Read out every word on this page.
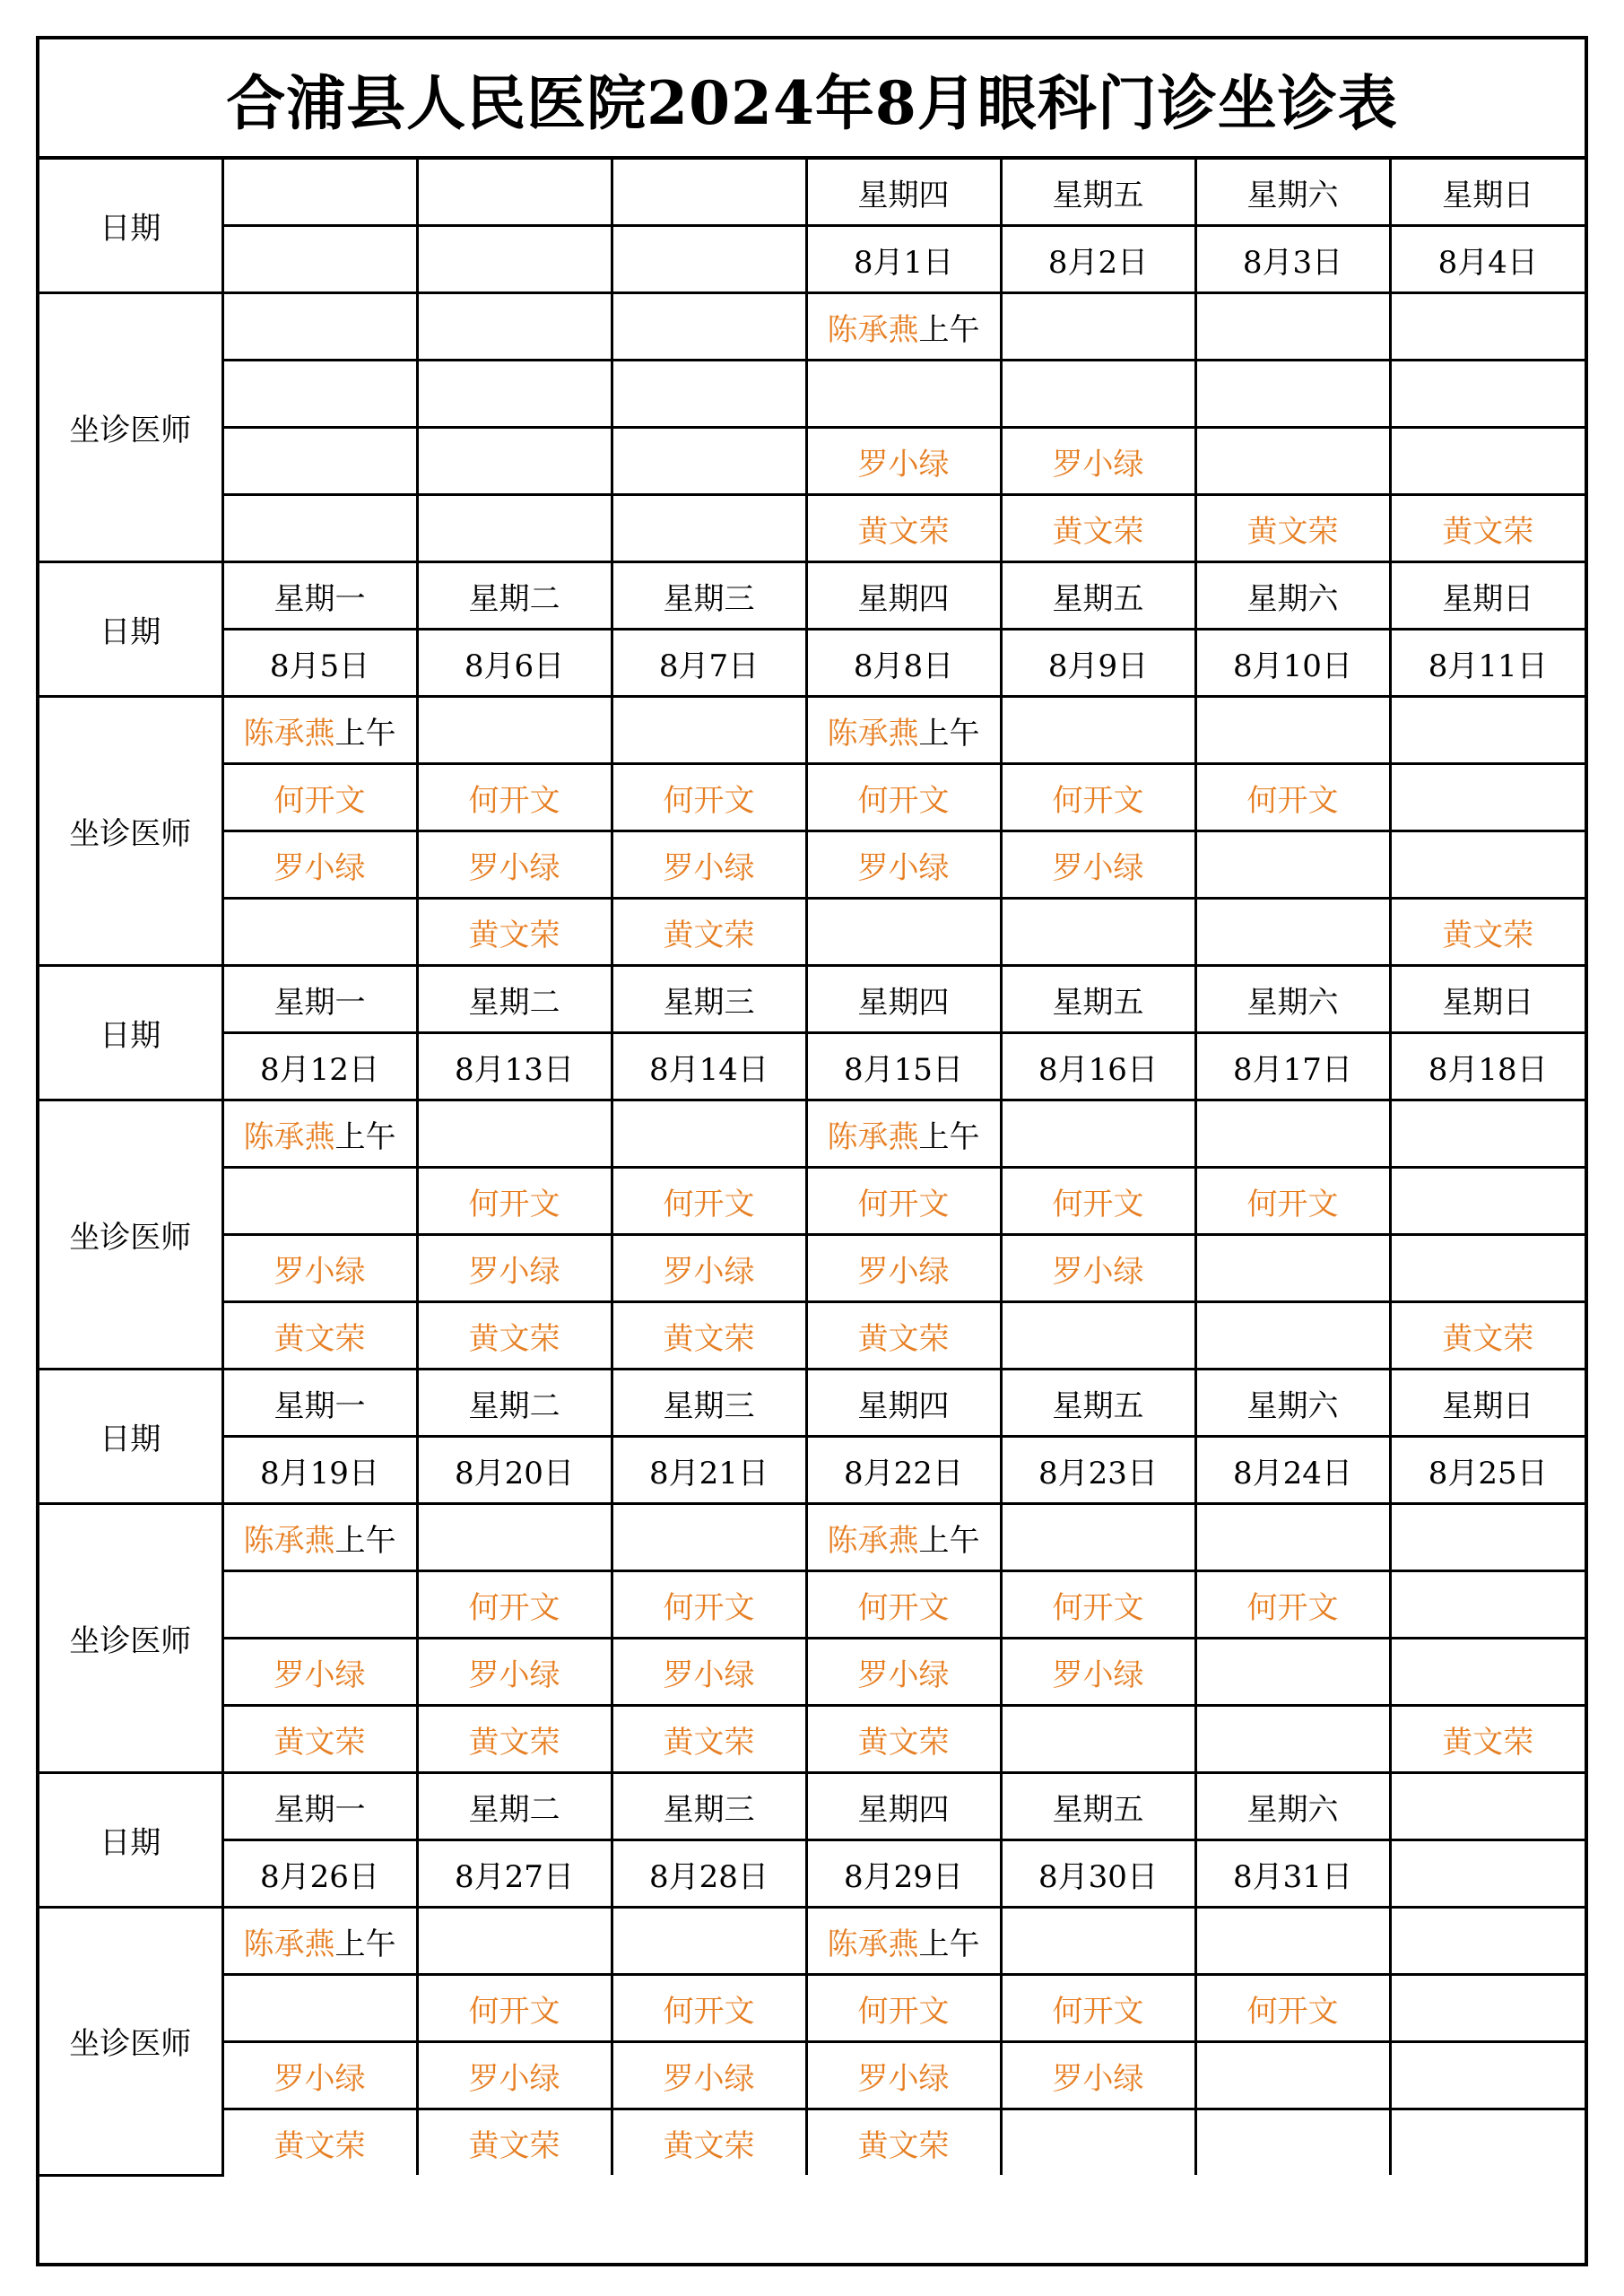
合浦县人民医院2024年8月眼科门诊坐诊表
日期				星期四	星期五	星期六	星期日
				8月1日	8月2日	8月3日	8月4日
坐诊医师				陈承燕上午			

				罗小绿	罗小绿		
				黄文荣	黄文荣	黄文荣	黄文荣
日期	星期一	星期二	星期三	星期四	星期五	星期六	星期日
	8月5日	8月6日	8月7日	8月8日	8月9日	8月10日	8月11日
坐诊医师	陈承燕上午			陈承燕上午			
	何开文	何开文	何开文	何开文	何开文	何开文	
	罗小绿	罗小绿	罗小绿	罗小绿	罗小绿		
		黄文荣	黄文荣				黄文荣
日期	星期一	星期二	星期三	星期四	星期五	星期六	星期日
	8月12日	8月13日	8月14日	8月15日	8月16日	8月17日	8月18日
坐诊医师	陈承燕上午			陈承燕上午			
		何开文	何开文	何开文	何开文	何开文	
	罗小绿	罗小绿	罗小绿	罗小绿	罗小绿		
	黄文荣	黄文荣	黄文荣	黄文荣			黄文荣
日期	星期一	星期二	星期三	星期四	星期五	星期六	星期日
	8月19日	8月20日	8月21日	8月22日	8月23日	8月24日	8月25日
坐诊医师	陈承燕上午			陈承燕上午			
		何开文	何开文	何开文	何开文	何开文	
	罗小绿	罗小绿	罗小绿	罗小绿	罗小绿		
	黄文荣	黄文荣	黄文荣	黄文荣			黄文荣
日期	星期一	星期二	星期三	星期四	星期五	星期六	
	8月26日	8月27日	8月28日	8月29日	8月30日	8月31日	
坐诊医师	陈承燕上午			陈承燕上午			
		何开文	何开文	何开文	何开文	何开文	
	罗小绿	罗小绿	罗小绿	罗小绿	罗小绿		
	黄文荣	黄文荣	黄文荣	黄文荣			
